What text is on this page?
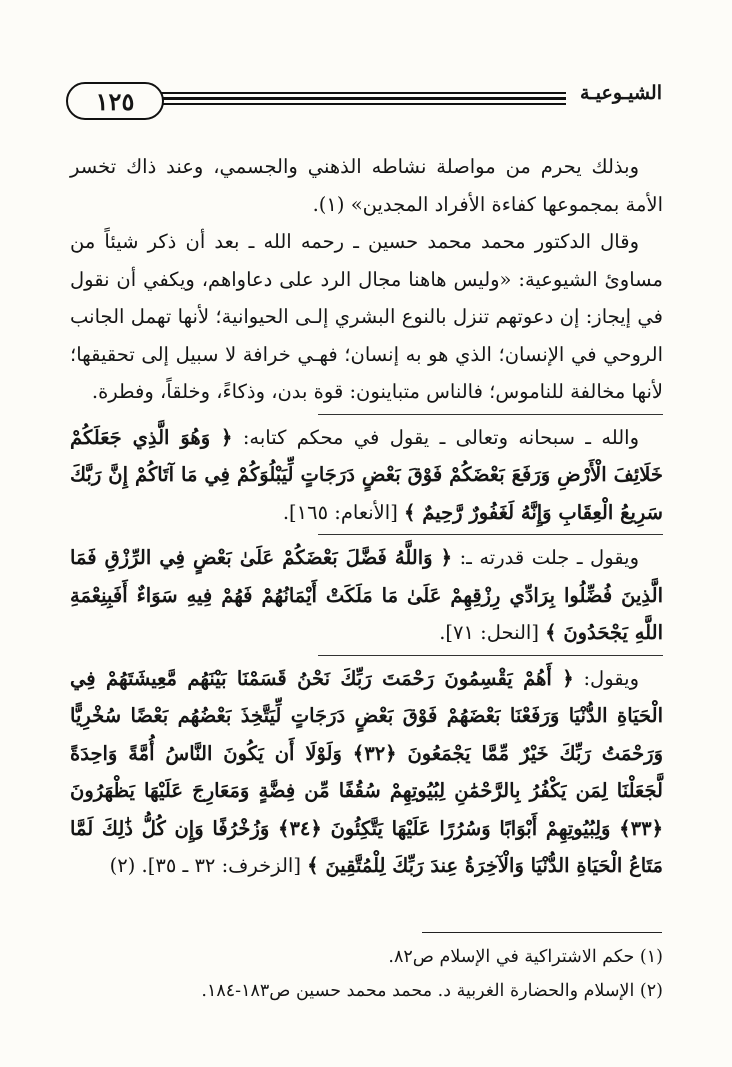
١٢٥	الشيـوعيـة

وبذلك يحرم من مواصلة نشاطه الذهني والجسمي، وعند ذاك تخسر الأمة بمجموعها كفاءة الأفراد المجدين» (١).

وقال الدكتور محمد محمد حسين ـ رحمه الله ـ بعد أن ذكر شيئاً من مساوئ الشيوعية: «وليس هاهنا مجال الرد على دعاواهم، ويكفي أن نقول في إيجاز: إن دعوتهم تنزل بالنوع البشري إلـى الحيوانية؛ لأنها تهمل الجانب الروحي في الإنسان؛ الذي هو به إنسان؛ فهـي خرافة لا سبيل إلى تحقيقها؛ لأنها مخالفة للناموس؛ فالناس متباينون: قوة بدن، وذكاءً، وخلقاً، وفطرة.

والله ـ سبحانه وتعالى ـ يقول في محكم كتابه: ﴿ وَهُوَ الَّذِي جَعَلَكُمْ خَلَائِفَ الْأَرْضِ وَرَفَعَ بَعْضَكُمْ فَوْقَ بَعْضٍ دَرَجَاتٍ لِّيَبْلُوَكُمْ فِي مَا آتَاكُمْ إِنَّ رَبَّكَ سَرِيعُ الْعِقَابِ وَإِنَّهُ لَغَفُورٌ رَّحِيمٌ ﴾ [الأنعام: ١٦٥].

ويقول ـ جلت قدرته ـ: ﴿ وَاللَّهُ فَضَّلَ بَعْضَكُمْ عَلَىٰ بَعْضٍ فِي الرِّزْقِ فَمَا الَّذِينَ فُضِّلُوا بِرَادِّي رِزْقِهِمْ عَلَىٰ مَا مَلَكَتْ أَيْمَانُهُمْ فَهُمْ فِيهِ سَوَاءٌ أَفَبِنِعْمَةِ اللَّهِ يَجْحَدُونَ ﴾ [النحل: ٧١].

ويقول: ﴿ أَهُمْ يَقْسِمُونَ رَحْمَتَ رَبِّكَ نَحْنُ قَسَمْنَا بَيْنَهُم مَّعِيشَتَهُمْ فِي الْحَيَاةِ الدُّنْيَا وَرَفَعْنَا بَعْضَهُمْ فَوْقَ بَعْضٍ دَرَجَاتٍ لِّيَتَّخِذَ بَعْضُهُم بَعْضًا سُخْرِيًّا وَرَحْمَتُ رَبِّكَ خَيْرٌ مِّمَّا يَجْمَعُونَ ﴿٣٢﴾ وَلَوْلَا أَن يَكُونَ النَّاسُ أُمَّةً وَاحِدَةً لَّجَعَلْنَا لِمَن يَكْفُرُ بِالرَّحْمَٰنِ لِبُيُوتِهِمْ سُقُفًا مِّن فِضَّةٍ وَمَعَارِجَ عَلَيْهَا يَظْهَرُونَ ﴿٣٣﴾ وَلِبُيُوتِهِمْ أَبْوَابًا وَسُرُرًا عَلَيْهَا يَتَّكِئُونَ ﴿٣٤﴾ وَزُخْرُفًا وَإِن كُلُّ ذَٰلِكَ لَمَّا مَتَاعُ الْحَيَاةِ الدُّنْيَا وَالْآخِرَةُ عِندَ رَبِّكَ لِلْمُتَّقِينَ ﴾ [الزخرف: ٣٢ ـ ٣٥]. (٢)

(١) حكم الاشتراكية في الإسلام ص٨٢.
(٢) الإسلام والحضارة الغربية د. محمد محمد حسين ص١٨٣-١٨٤.
